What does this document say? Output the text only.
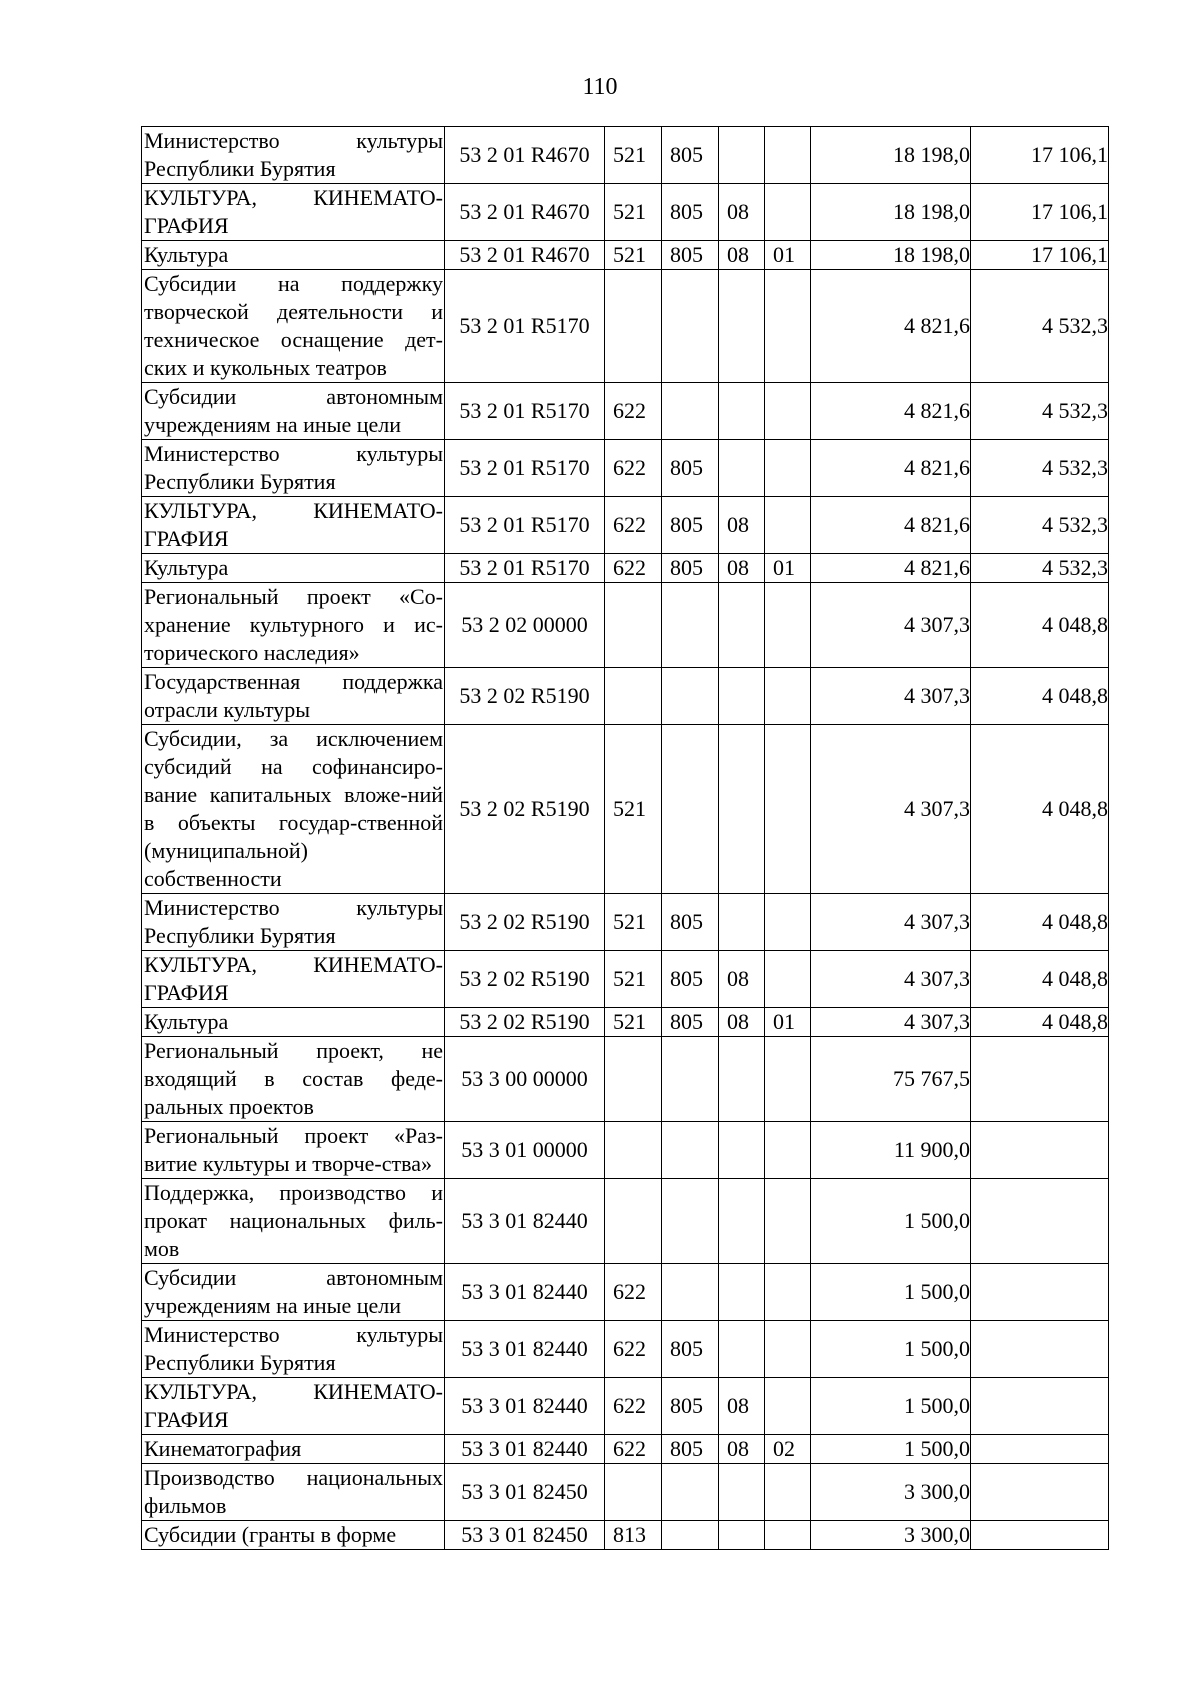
110
Министерство культуры Республики Бурятия	53 2 01 R4670	521	805			18 198,0	17 106,1
КУЛЬТУРА, КИНЕМАТО-ГРАФИЯ	53 2 01 R4670	521	805	08		18 198,0	17 106,1
Культура	53 2 01 R4670	521	805	08	01	18 198,0	17 106,1
Субсидии на поддержку творческой деятельности и техническое оснащение дет-ских и кукольных театров	53 2 01 R5170					4 821,6	4 532,3
Субсидии автономным учреждениям на иные цели	53 2 01 R5170	622				4 821,6	4 532,3
Министерство культуры Республики Бурятия	53 2 01 R5170	622	805			4 821,6	4 532,3
КУЛЬТУРА, КИНЕМАТО-ГРАФИЯ	53 2 01 R5170	622	805	08		4 821,6	4 532,3
Культура	53 2 01 R5170	622	805	08	01	4 821,6	4 532,3
Региональный проект «Со-хранение культурного и ис-торического наследия»	53 2 02 00000					4 307,3	4 048,8
Государственная поддержка отрасли культуры	53 2 02 R5190					4 307,3	4 048,8
Субсидии, за исключением субсидий на софинансиро-вание капитальных вложе-ний в объекты государ-ственной (муниципальной) собственности	53 2 02 R5190	521				4 307,3	4 048,8
Министерство культуры Республики Бурятия	53 2 02 R5190	521	805			4 307,3	4 048,8
КУЛЬТУРА, КИНЕМАТО-ГРАФИЯ	53 2 02 R5190	521	805	08		4 307,3	4 048,8
Культура	53 2 02 R5190	521	805	08	01	4 307,3	4 048,8
Региональный проект, не входящий в состав феде-ральных проектов	53 3 00 00000					75 767,5	
Региональный проект «Раз-витие культуры и творче-ства»	53 3 01 00000					11 900,0	
Поддержка, производство и прокат национальных филь-мов	53 3 01 82440					1 500,0	
Субсидии автономным учреждениям на иные цели	53 3 01 82440	622				1 500,0	
Министерство культуры Республики Бурятия	53 3 01 82440	622	805			1 500,0	
КУЛЬТУРА, КИНЕМАТО-ГРАФИЯ	53 3 01 82440	622	805	08		1 500,0	
Кинематография	53 3 01 82440	622	805	08	02	1 500,0	
Производство национальных фильмов	53 3 01 82450					3 300,0	
Субсидии (гранты в форме	53 3 01 82450	813				3 300,0	
